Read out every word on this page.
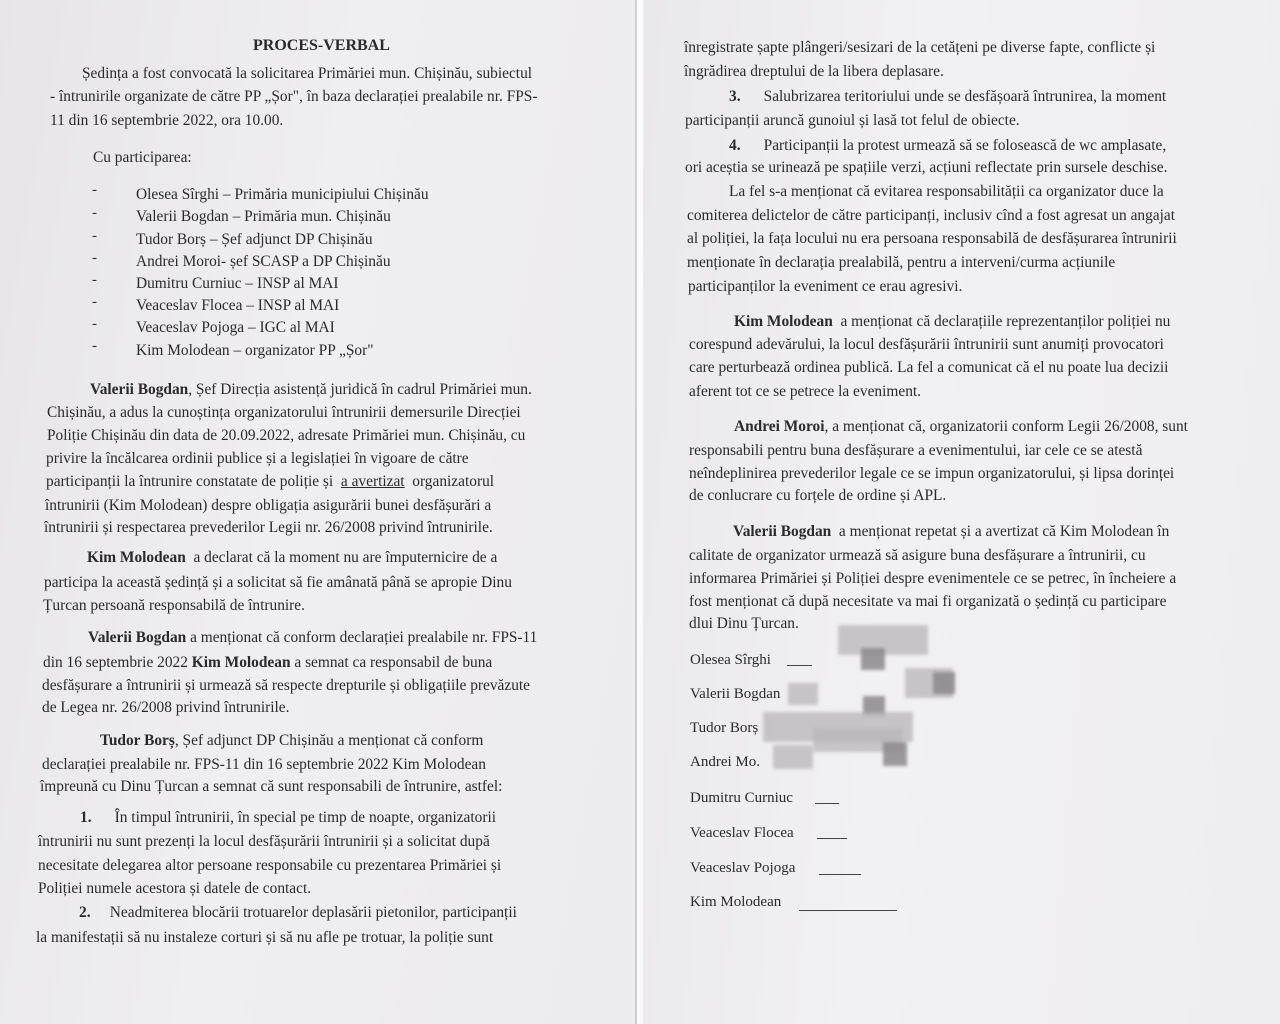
PROCES-VERBAL
Ședința a fost convocată la solicitarea Primăriei mun. Chișinău, subiectul
- întrunirile organizate de către PP „Șor", în baza declarației prealabile nr. FPS-
11 din 16 septembrie 2022, ora 10.00.
Cu participarea:
-	Olesea Sîrghi – Primăria municipiului Chișinău
-	Valerii Bogdan – Primăria mun. Chișinău
-	Tudor Borș – Șef adjunct DP Chișinău
-	Andrei Moroi- șef SCASP a DP Chișinău
-	Dumitru Curniuc – INSP al MAI
-	Veaceslav Flocea – INSP al MAI
-	Veaceslav Pojoga – IGC al MAI
-	Kim Molodean – organizator PP „Șor"
Valerii Bogdan, Șef Direcția asistență juridică în cadrul Primăriei mun.
Chișinău, a adus la cunoștința organizatorului întrunirii demersurile Direcției
Poliție Chișinău din data de 20.09.2022, adresate Primăriei mun. Chișinău, cu
privire la încălcarea ordinii publice și a legislației în vigoare de către
participanții la întrunire constatate de poliție și a avertizat organizatorul
întrunirii (Kim Molodean) despre obligația asigurării bunei desfășurări a
întrunirii și respectarea prevederilor Legii nr. 26/2008 privind întrunirile.
Kim Molodean a declarat că la moment nu are împuternicire de a
participa la această ședință și a solicitat să fie amânată până se apropie Dinu
Țurcan persoană responsabilă de întrunire.
Valerii Bogdan a menționat că conform declarației prealabile nr. FPS-11
din 16 septembrie 2022 Kim Molodean a semnat ca responsabil de buna
desfășurare a întrunirii și urmează să respecte drepturile și obligațiile prevăzute
de Legea nr. 26/2008 privind întrunirile.
Tudor Borș, Șef adjunct DP Chișinău a menționat că conform
declarației prealabile nr. FPS-11 din 16 septembrie 2022 Kim Molodean
împreună cu Dinu Țurcan a semnat că sunt responsabili de întrunire, astfel:
1. În timpul întrunirii, în special pe timp de noapte, organizatorii
întrunirii nu sunt prezenți la locul desfășurării întrunirii și a solicitat după
necesitate delegarea altor persoane responsabile cu prezentarea Primăriei și
Poliției numele acestora și datele de contact.
2. Neadmiterea blocării trotuarelor deplasării pietonilor, participanții
la manifestații să nu instaleze corturi și să nu afle pe trotuar, la poliție sunt
înregistrate șapte plângeri/sesizari de la cetățeni pe diverse fapte, conflicte și
îngrădirea dreptului de la libera deplasare.
3. Salubrizarea teritoriului unde se desfășoară întrunirea, la moment
participanții aruncă gunoiul și lasă tot felul de obiecte.
4. Participanții la protest urmează să se folosească de wc amplasate,
ori aceștia se urinează pe spațiile verzi, acțiuni reflectate prin sursele deschise.
La fel s-a menționat că evitarea responsabilității ca organizator duce la
comiterea delictelor de către participanți, inclusiv cînd a fost agresat un angajat
al poliției, la fața locului nu era persoana responsabilă de desfășurarea întrunirii
menționate în declarația prealabilă, pentru a interveni/curma acțiunile
participanților la eveniment ce erau agresivi.
Kim Molodean a menționat că declarațiile reprezentanților poliției nu
corespund adevărului, la locul desfășurării întrunirii sunt anumiți provocatori
care perturbează ordinea publică. La fel a comunicat că el nu poate lua decizii
aferent tot ce se petrece la eveniment.
Andrei Moroi, a menționat că, organizatorii conform Legii 26/2008, sunt
responsabili pentru buna desfășurare a evenimentului, iar cele ce se atestă
neîndeplinirea prevederilor legale ce se impun organizatorului, și lipsa dorinței
de conlucrare cu forțele de ordine și APL.
Valerii Bogdan a menționat repetat și a avertizat că Kim Molodean în
calitate de organizator urmează să asigure buna desfășurare a întrunirii, cu
informarea Primăriei și Poliției despre evenimentele ce se petrec, în încheiere a
fost menționat că după necesitate va mai fi organizată o ședință cu participare
dlui Dinu Țurcan.
Olesea Sîrghi
Valerii Bogdan
Tudor Borș
Andrei Mo.
Dumitru Curniuc
Veaceslav Flocea
Veaceslav Pojoga
Kim Molodean
